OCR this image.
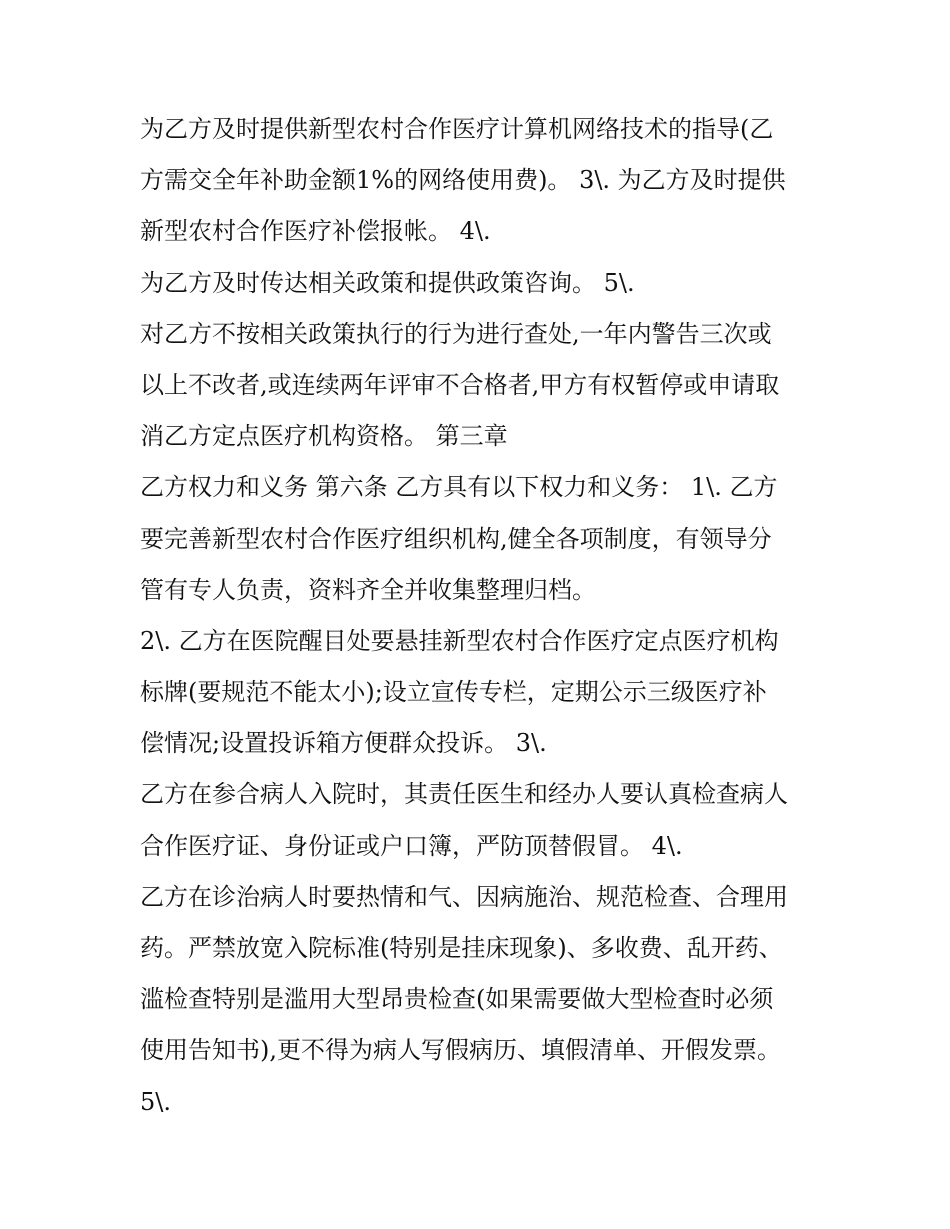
为乙方及时提供新型农村合作医疗计算机网络技术的指导(乙
方需交全年补助金额1%的网络使用费)。 3\. 为乙方及时提供
新型农村合作医疗补偿报帐。 4\.
为乙方及时传达相关政策和提供政策咨询。 5\.
对乙方不按相关政策执行的行为进行查处,一年内警告三次或
以上不改者,或连续两年评审不合格者,甲方有权暂停或申请取
消乙方定点医疗机构资格。 第三章
乙方权力和义务 第六条 乙方具有以下权力和义务： 1\. 乙方
要完善新型农村合作医疗组织机构,健全各项制度，有领导分
管有专人负责，资料齐全并收集整理归档。
2\. 乙方在医院醒目处要悬挂新型农村合作医疗定点医疗机构
标牌(要规范不能太小);设立宣传专栏，定期公示三级医疗补
偿情况;设置投诉箱方便群众投诉。 3\.
乙方在参合病人入院时，其责任医生和经办人要认真检查病人
合作医疗证、身份证或户口簿，严防顶替假冒。 4\.
乙方在诊治病人时要热情和气、因病施治、规范检查、合理用
药。严禁放宽入院标准(特别是挂床现象)、多收费、乱开药、
滥检查特别是滥用大型昂贵检查(如果需要做大型检查时必须
使用告知书),更不得为病人写假病历、填假清单、开假发票。
5\.
